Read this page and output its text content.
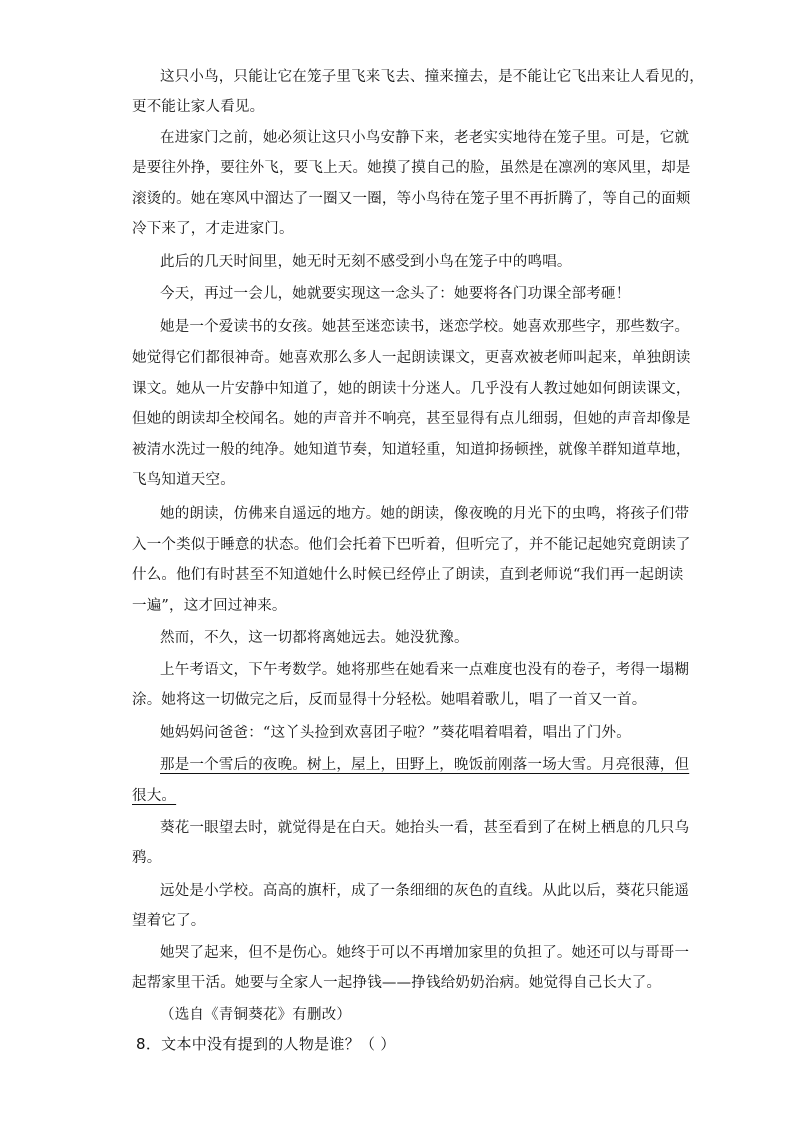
这只小鸟，只能让它在笼子里飞来飞去、撞来撞去，是不能让它飞出来让人看见的，
更不能让家人看见。
在进家门之前，她必须让这只小鸟安静下来，老老实实地待在笼子里。可是，它就
是要往外挣，要往外飞，要飞上天。她摸了摸自己的脸，虽然是在凛冽的寒风里，却是
滚烫的。她在寒风中溜达了一圈又一圈，等小鸟待在笼子里不再折腾了，等自己的面颊
冷下来了，才走进家门。
此后的几天时间里，她无时无刻不感受到小鸟在笼子中的鸣唱。
今天，再过一会儿，她就要实现这一念头了：她要将各门功课全部考砸！
她是一个爱读书的女孩。她甚至迷恋读书，迷恋学校。她喜欢那些字，那些数字。
她觉得它们都很神奇。她喜欢那么多人一起朗读课文，更喜欢被老师叫起来，单独朗读
课文。她从一片安静中知道了，她的朗读十分迷人。几乎没有人教过她如何朗读课文，
但她的朗读却全校闻名。她的声音并不响亮，甚至显得有点儿细弱，但她的声音却像是
被清水洗过一般的纯净。她知道节奏，知道轻重，知道抑扬顿挫，就像羊群知道草地，
飞鸟知道天空。
她的朗读，仿佛来自遥远的地方。她的朗读，像夜晚的月光下的虫鸣，将孩子们带
入一个类似于睡意的状态。他们会托着下巴听着，但听完了，并不能记起她究竟朗读了
什么。他们有时甚至不知道她什么时候已经停止了朗读，直到老师说“我们再一起朗读
一遍”，这才回过神来。
然而，不久，这一切都将离她远去。她没犹豫。
上午考语文，下午考数学。她将那些在她看来一点难度也没有的卷子，考得一塌糊
涂。她将这一切做完之后，反而显得十分轻松。她唱着歌儿，唱了一首又一首。
她妈妈问爸爸：“这丫头捡到欢喜团子啦？”葵花唱着唱着，唱出了门外。
那是一个雪后的夜晚。树上，屋上，田野上，晚饭前刚落一场大雪。月亮很薄，但
很大。
葵花一眼望去时，就觉得是在白天。她抬头一看，甚至看到了在树上栖息的几只乌
鸦。
远处是小学校。高高的旗杆，成了一条细细的灰色的直线。从此以后，葵花只能遥
望着它了。
她哭了起来，但不是伤心。她终于可以不再增加家里的负担了。她还可以与哥哥一
起帮家里干活。她要与全家人一起挣钱——挣钱给奶奶治病。她觉得自己长大了。
（选自《青铜葵花》有删改）
8．文本中没有提到的人物是谁？（ ）
